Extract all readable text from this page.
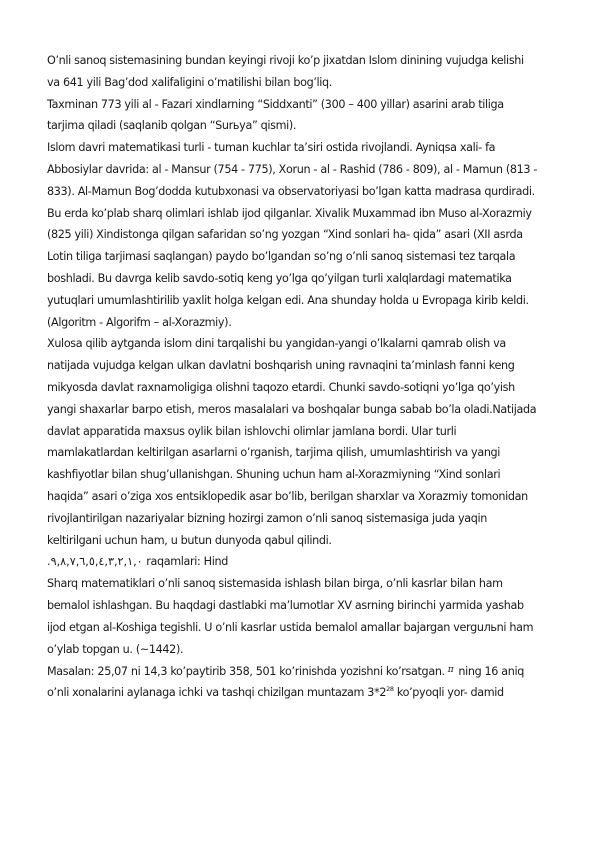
O’nli sanoq sistemasining bundan keyingi rivoji ko’p jixatdan Islom dinining vujudga kelishi
va 641 yili Bag’dod xalifaligini o’matilishi bilan bog’liq.
Taxminan 773 yili al - Fazari xindlarning “Siddxanti” (300 – 400 yillar) asarini arab tiliga
tarjima qiladi (saqlanib qolgan “Surьya” qismi).
Islom davri matematikasi turli - tuman kuchlar ta’siri ostida rivojlandi. Ayniqsa xali- fa
Abbosiylar davrida: al - Mansur (754 - 775), Xorun - al - Rashid (786 - 809), al - Mamun (813 -
833). Al-Mamun Bog’dodda kutubxonasi va observatoriyasi bo’lgan katta madrasa qurdiradi.
Bu erda ko’plab sharq olimlari ishlab ijod qilganlar. Xivalik Muxammad ibn Muso al-Xorazmiy
(825 yili) Xindistonga qilgan safaridan so’ng yozgan “Xind sonlari ha- qida” asari (XII asrda
Lotin tiliga tarjimasi saqlangan) paydo bo’lgandan so’ng o’nli sanoq sistemasi tez tarqala
boshladi. Bu davrga kelib savdo-sotiq keng yo’lga qo’yilgan turli xalqlardagi matematika
yutuqlari umumlashtirilib yaxlit holga kelgan edi. Ana shunday holda u Evropaga kirib keldi.
(Algoritm - Algorifm – al-Xorazmiy).
Xulosa qilib aytganda islom dini tarqalishi bu yangidan-yangi o’lkalarni qamrab olish va
natijada vujudga kelgan ulkan davlatni boshqarish uning ravnaqini ta’minlash fanni keng
mikyosda davlat raxnamoligiga olishni taqozo etardi. Chunki savdo-sotiqni yo’lga qo’yish
yangi shaxarlar barpo etish, meros masalalari va boshqalar bunga sabab bo’la oladi.Natijada
davlat apparatida maxsus oylik bilan ishlovchi olimlar jamlana bordi. Ular turli
mamlakatlardan keltirilgan asarlarni o’rganish, tarjima qilish, umumlashtirish va yangi
kashfiyotlar bilan shug’ullanishgan. Shuning uchun ham al-Xorazmiyning “Xind sonlari
haqida” asari o’ziga xos entsiklopedik asar bo’lib, berilgan sharxlar va Xorazmiy tomonidan
rivojlantirilgan nazariyalar bizning hozirgi zamon o’nli sanoq sistemasiga juda yaqin
keltirilgani uchun ham, u butun dunyoda qabul qilindi.
.٩,٨,٧,٦,٥,٤,٣,٢,١,٠ raqamlari: Hind
Sharq matematiklari o’nli sanoq sistemasida ishlash bilan birga, o’nli kasrlar bilan ham
bemalol ishlashgan. Bu haqdagi dastlabki ma’lumotlar XV asrning birinchi yarmida yashab
ijod etgan al-Koshiga tegishli. U o’nli kasrlar ustida bemalol amallar bajargan verguльni ham
o’ylab topgan u. (~1442).
Masalan: 25,07 ni 14,3 ko’paytirib 358, 501 ko’rinishda yozishni ko’rsatgan. $^\pi$ ning 16 aniq
o’nli xonalarini aylanaga ichki va tashqi chizilgan muntazam $3*2^{28}$ ko’pyoqli yor- damid
